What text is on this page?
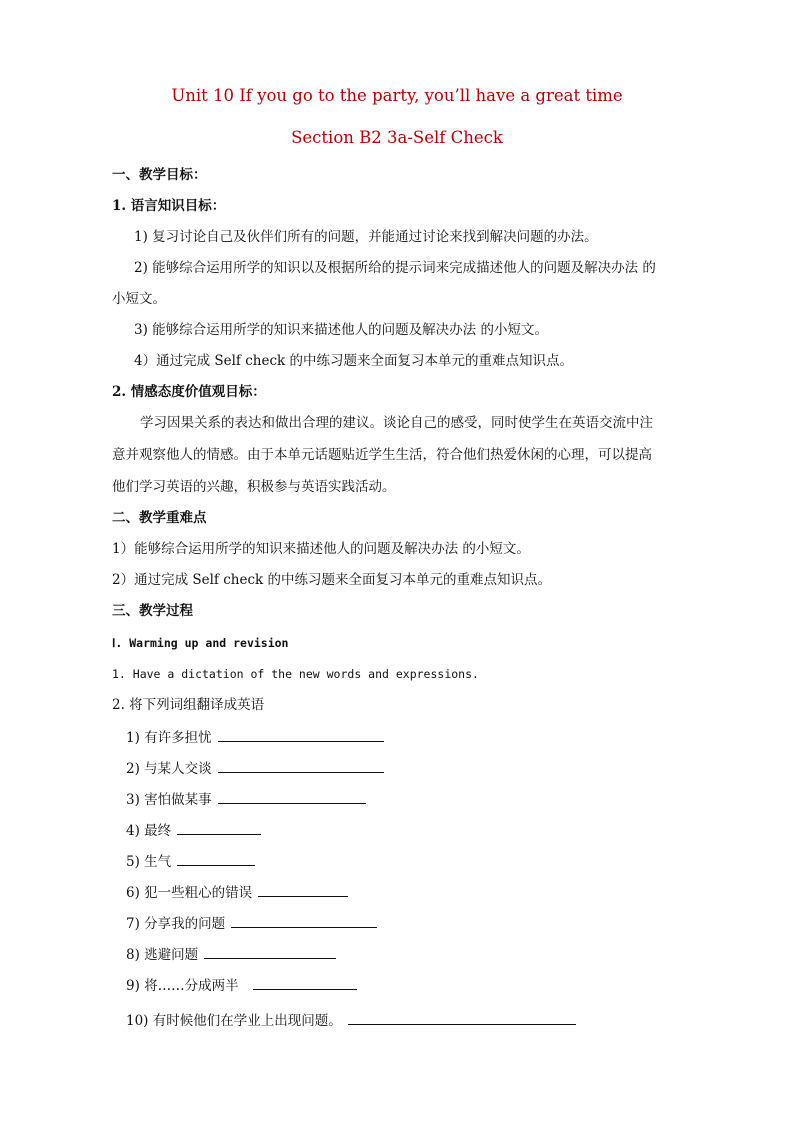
Unit 10 If you go to the party, you’ll have a great time
Section B2 3a-Self Check
一、教学目标：
1. 语言知识目标：
1) 复习讨论自己及伙伴们所有的问题，并能通过讨论来找到解决问题的办法。
2) 能够综合运用所学的知识以及根据所给的提示词来完成描述他人的问题及解决办法 的
小短文。
3) 能够综合运用所学的知识来描述他人的问题及解决办法 的小短文。
4）通过完成 Self check 的中练习题来全面复习本单元的重难点知识点。
2. 情感态度价值观目标：
学习因果关系的表达和做出合理的建议。谈论自己的感受，同时使学生在英语交流中注
意并观察他人的情感。由于本单元话题贴近学生生活，符合他们热爱休闲的心理，可以提高
他们学习英语的兴趣，积极参与英语实践活动。
二、教学重难点
1）能够综合运用所学的知识来描述他人的问题及解决办法 的小短文。
2）通过完成 Self check 的中练习题来全面复习本单元的重难点知识点。
三、教学过程
Ⅰ. Warming up and revision
1. Have a dictation of the new words and expressions.
2. 将下列词组翻译成英语
1) 有许多担忧
2) 与某人交谈
3) 害怕做某事
4) 最终
5) 生气
6) 犯一些粗心的错误
7) 分享我的问题
8) 逃避问题
9) 将……分成两半
10) 有时候他们在学业上出现问题。
